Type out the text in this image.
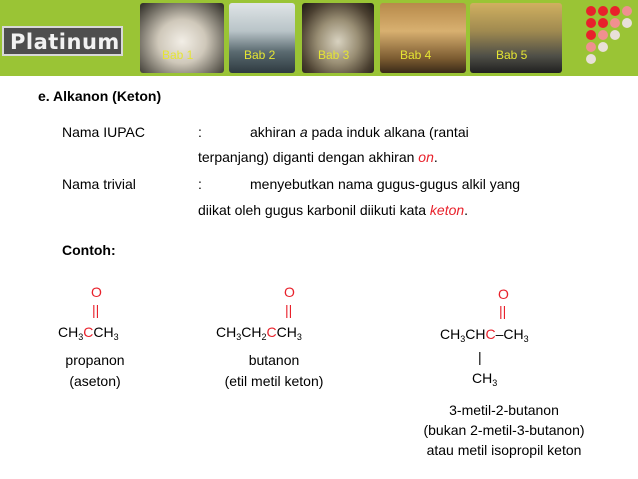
Platinum
Bab 1	Bab 2	Bab 3	Bab 4	Bab 5
e. Alkanon (Keton)
Nama IUPAC	:	akhiran a pada induk alkana (rantai
terpanjang) diganti dengan akhiran on.
Nama trivial	:	menyebutkan nama gugus-gugus alkil yang
diikat oleh gugus karbonil diikuti kata keton.
Contoh:
O
||
$CH_3CCH_3$
propanon
(aseton)
O
||
$CH_3CH_2CCH_3$
butanon
(etil metil keton)
O
||
$CH_3CHC-CH_3$
|
$CH_3$
3-metil-2-butanon
(bukan 2-metil-3-butanon)
atau metil isopropil keton
